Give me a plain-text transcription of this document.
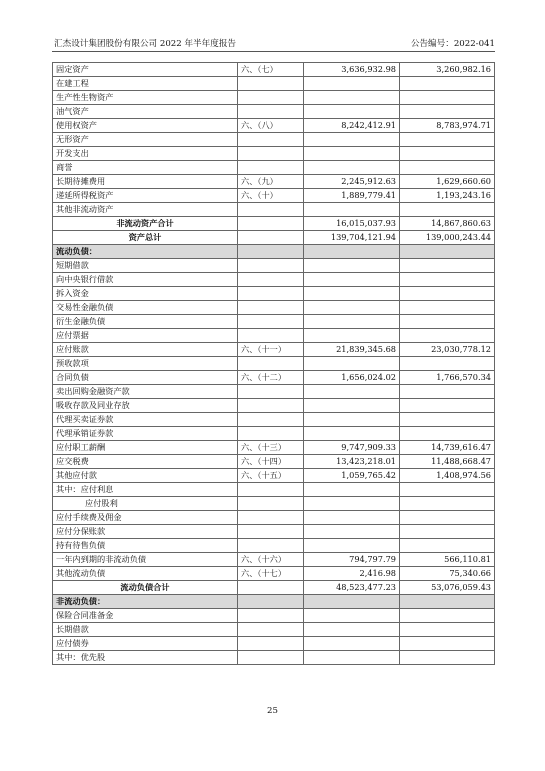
汇杰设计集团股份有限公司 2022 年半年度报告	公告编号：2022-041
固定资产	六、（七）	3,636,932.98	3,260,982.16
在建工程			
生产性生物资产			
油气资产			
使用权资产	六、（八）	8,242,412.91	8,783,974.71
无形资产			
开发支出			
商誉			
长期待摊费用	六、（九）	2,245,912.63	1,629,660.60
递延所得税资产	六、（十）	1,889,779.41	1,193,243.16
其他非流动资产			
非流动资产合计		16,015,037.93	14,867,860.63
资产总计		139,704,121.94	139,000,243.44
流动负债：			
短期借款			
向中央银行借款			
拆入资金			
交易性金融负债			
衍生金融负债			
应付票据			
应付账款	六、（十一）	21,839,345.68	23,030,778.12
预收款项			
合同负债	六、（十二）	1,656,024.02	1,766,570.34
卖出回购金融资产款			
吸收存款及同业存放			
代理买卖证券款			
代理承销证券款			
应付职工薪酬	六、（十三）	9,747,909.33	14,739,616.47
应交税费	六、（十四）	13,423,218.01	11,488,668.47
其他应付款	六、（十五）	1,059,765.42	1,408,974.56
其中：应付利息			
应付股利			
应付手续费及佣金			
应付分保账款			
持有待售负债			
一年内到期的非流动负债	六、（十六）	794,797.79	566,110.81
其他流动负债	六、（十七）	2,416.98	75,340.66
流动负债合计		48,523,477.23	53,076,059.43
非流动负债：			
保险合同准备金			
长期借款			
应付债券			
其中：优先股			
25
